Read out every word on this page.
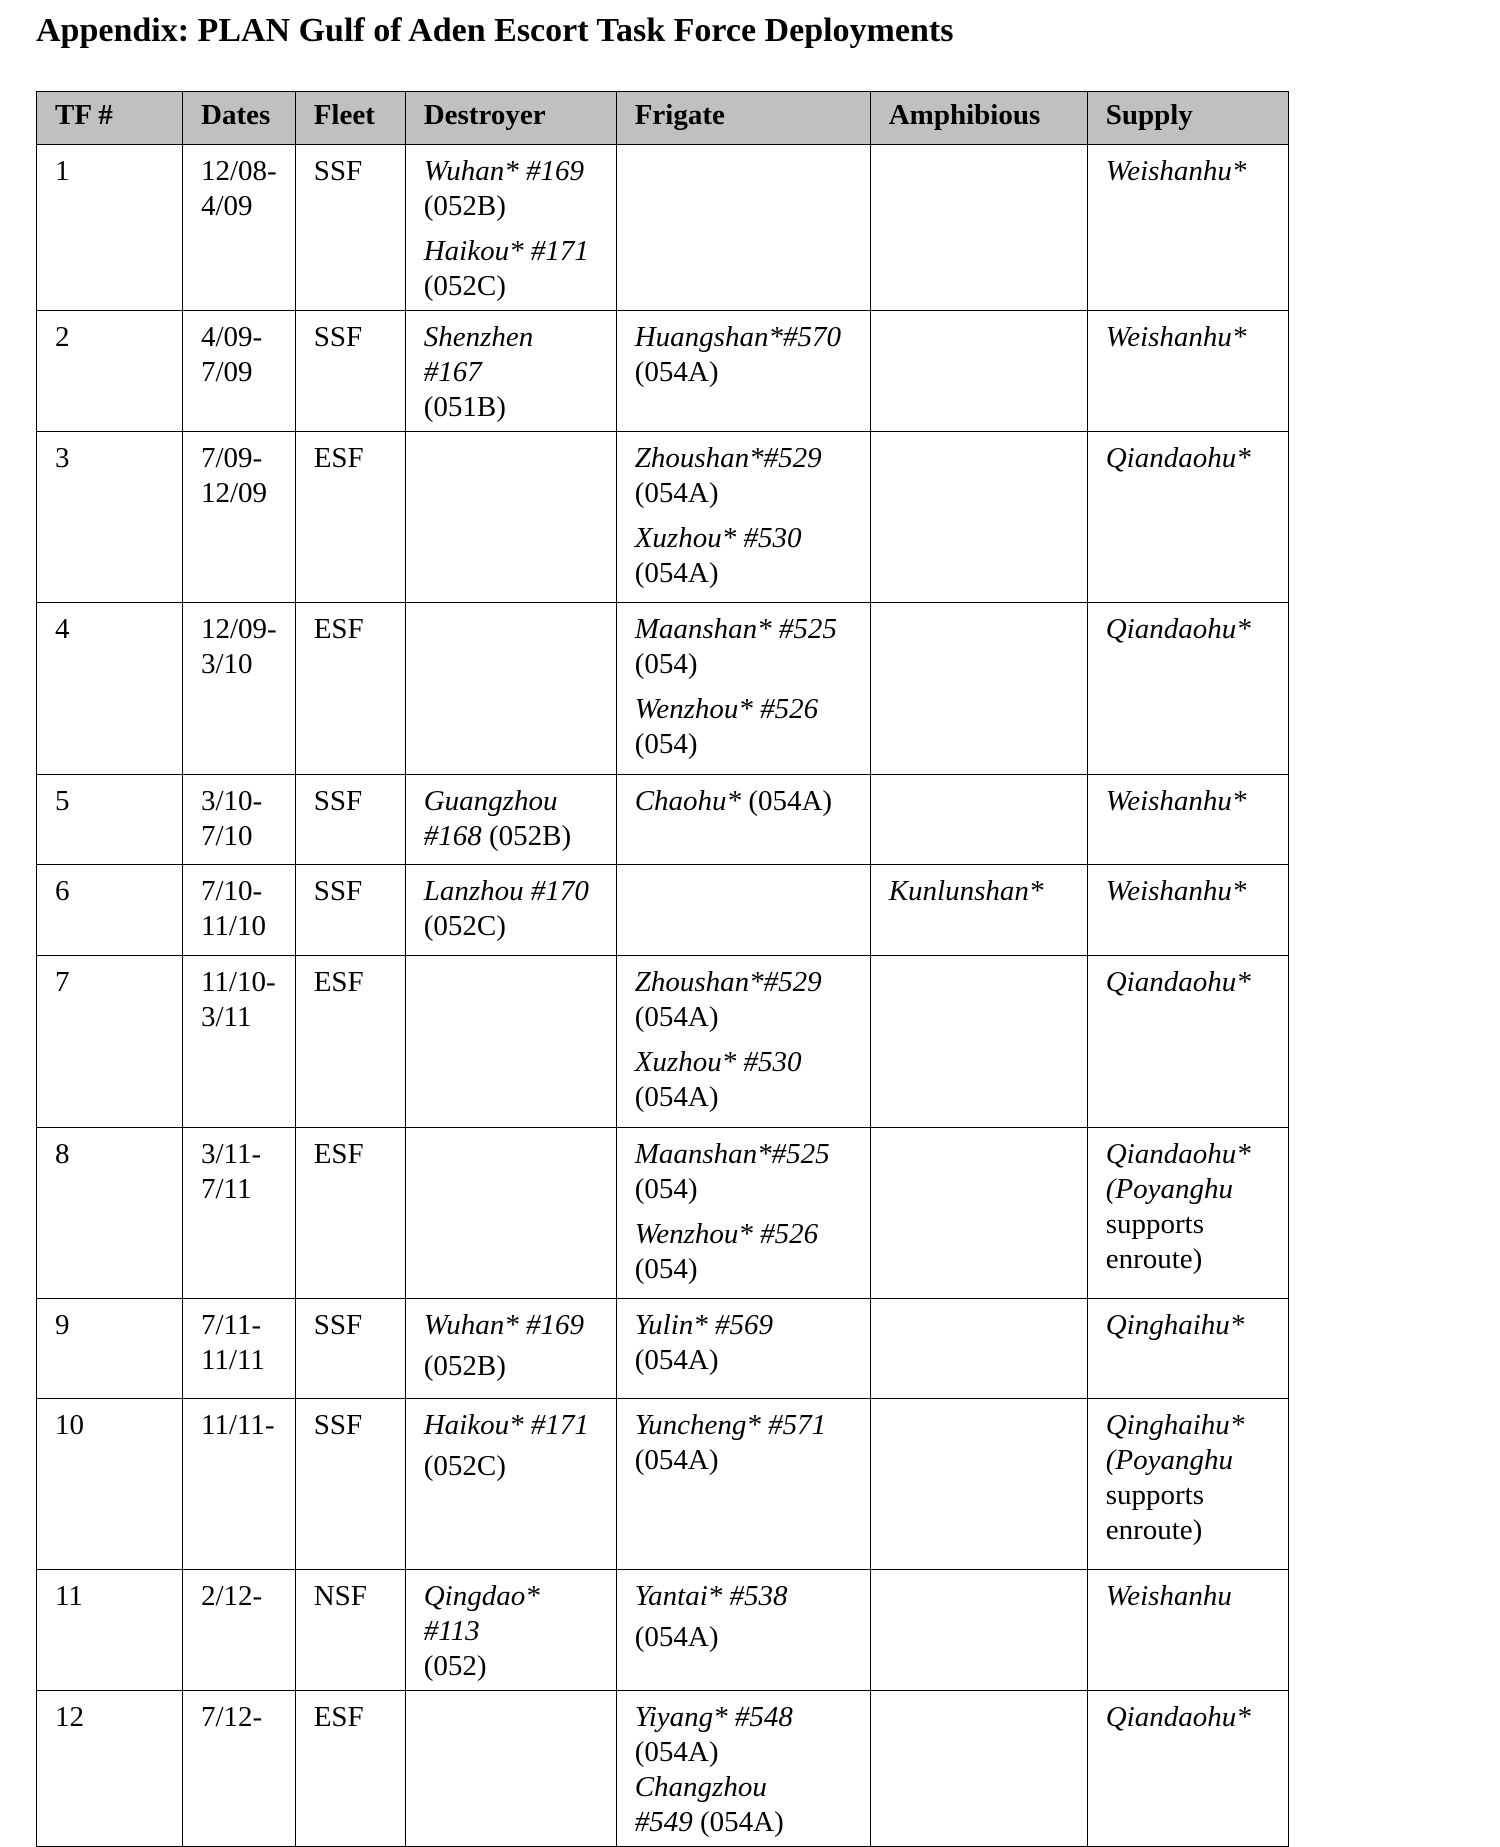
Appendix: PLAN Gulf of Aden Escort Task Force Deployments
TF #	Dates	Fleet	Destroyer	Frigate	Amphibious	Supply
1	12/08-
4/09	SSF	Wuhan* #169
(052B)
Haikou* #171
(052C)			Weishanhu*

2	4/09-
7/09	SSF	Shenzhen #167
(051B)	Huangshan*#570
(054A)		Weishanhu*

3	7/09-
12/09	ESF		Zhoushan*#529
(054A)
Xuzhou* #530
(054A)		Qiandaohu*

4	12/09-
3/10	ESF		Maanshan* #525
(054)
Wenzhou* #526
(054)		Qiandaohu*

5	3/10-
7/10	SSF	Guangzhou
#168 (052B)	Chaohu* (054A)		Weishanhu*

6	7/10-
11/10	SSF	Lanzhou #170
(052C)		Kunlunshan*	Weishanhu*

7	11/10-
3/11	ESF		Zhoushan*#529
(054A)
Xuzhou* #530
(054A)		Qiandaohu*

8	3/11-
7/11	ESF		Maanshan*#525
(054)
Wenzhou* #526
(054)		Qiandaohu*
(Poyanghu
supports
enroute)

9	7/11-
11/11	SSF	Wuhan* #169
(052B)	Yulin* #569 (054A)		Qinghaihu*

10	11/11-	SSF	Haikou* #171
(052C)	Yuncheng* #571
(054A)		Qinghaihu*
(Poyanghu
supports
enroute)

11	2/12-	NSF	Qingdao* #113
(052)	Yantai* #538
(054A)		Weishanhu

12	7/12-	ESF		Yiyang* #548
(054A) Changzhou
#549 (054A)		Qiandaohu*
